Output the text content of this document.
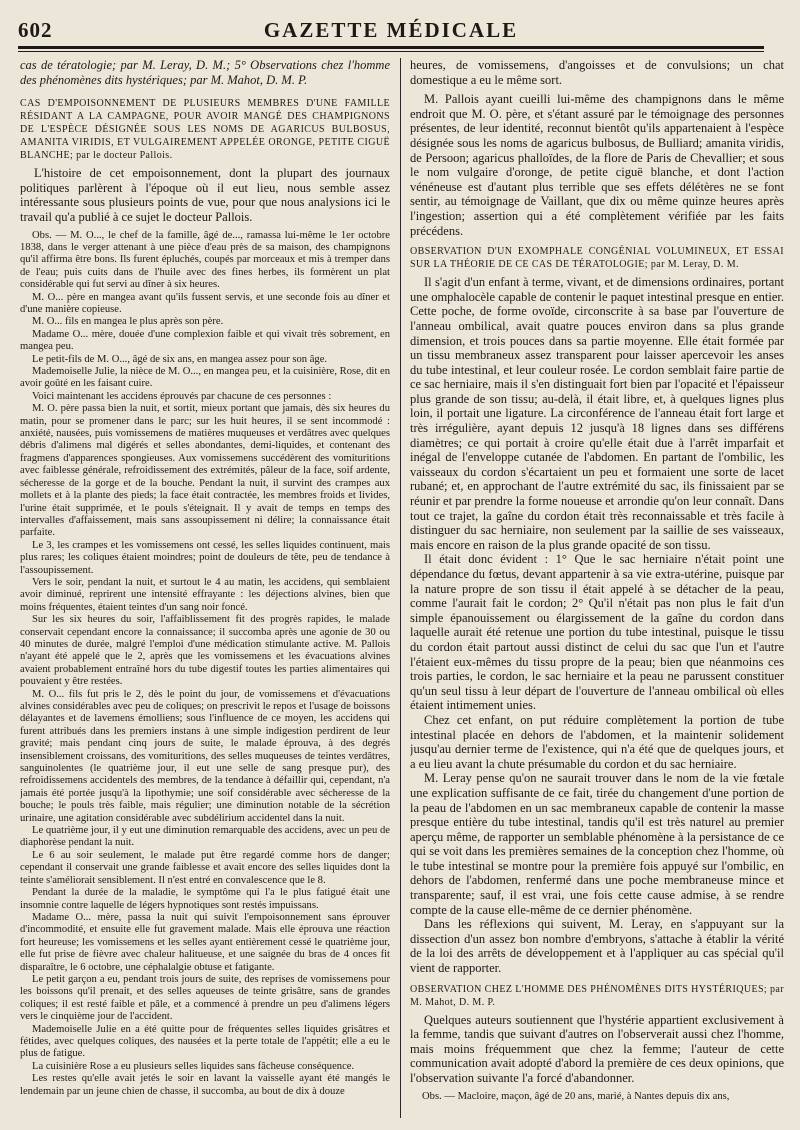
602	GAZETTE MÉDICALE

cas de tératologie; par M. Leray, D. M.; 5° Observations chez l'homme des phénomènes dits hystériques; par M. Mahot, D. M. P.

CAS D'EMPOISONNEMENT DE PLUSIEURS MEMBRES D'UNE FAMILLE RÉSIDANT A LA CAMPAGNE, POUR AVOIR MANGÉ DES CHAMPIGNONS DE L'ESPÈCE DÉSIGNÉE SOUS LES NOMS DE AGARICUS BULBOSUS, AMANITA VIRIDIS, ET VULGAIREMENT APPELÉE ORONGE, PETITE CIGUË BLANCHE; par le docteur Pallois.

L'histoire de cet empoisonnement, dont la plupart des journaux politiques parlèrent à l'époque où il eut lieu, nous semble assez intéressante sous plusieurs points de vue, pour que nous analysions ici le travail qu'a publié à ce sujet le docteur Pallois.

Obs. — M. O..., le chef de la famille, âgé de..., ramassa lui-même le 1er octobre 1838, dans le verger attenant à une pièce d'eau près de sa maison, des champignons qu'il affirma être bons. Ils furent épluchés, coupés par morceaux et mis à tremper dans de l'eau; puis cuits dans de l'huile avec des fines herbes, ils formèrent un plat considérable qui fut servi au dîner à six heures.

M. O... père en mangea avant qu'ils fussent servis, et une seconde fois au dîner et d'une manière copieuse.

M. O... fils en mangea le plus après son père.

Madame O... mère, douée d'une complexion faible et qui vivait très sobrement, en mangea peu.

Le petit-fils de M. O..., âgé de six ans, en mangea assez pour son âge.

Mademoiselle Julie, la nièce de M. O..., en mangea peu, et la cuisinière, Rose, dit en avoir goûté en les faisant cuire.

Voici maintenant les accidens éprouvés par chacune de ces personnes :

M. O. père passa bien la nuit, et sortit, mieux portant que jamais, dès six heures du matin, pour se promener dans le parc; sur les huit heures, il se sent incommodé : anxiété, nausées, puis vomissemens de matières muqueuses et verdâtres avec quelques débris d'alimens mal digérés et selles abondantes, demi-liquides, et contenant des fragmens d'apparences spongieuses. Aux vomissemens succédèrent des vomituritions avec faiblesse générale, refroidissement des extrémités, pâleur de la face, soif ardente, sécheresse de la gorge et de la bouche. Pendant la nuit, il survint des crampes aux mollets et à la plante des pieds; la face était contractée, les membres froids et livides, l'urine était supprimée, et le pouls s'éteignait. Il y avait de temps en temps des intervalles d'affaissement, mais sans assoupissement ni délire; la connaissance était parfaite.

Le 3, les crampes et les vomissemens ont cessé, les selles liquides continuent, mais plus rares; les coliques étaient moindres; point de douleurs de tête, peu de tendance à l'assoupissement.

Vers le soir, pendant la nuit, et surtout le 4 au matin, les accidens, qui semblaient avoir diminué, reprirent une intensité effrayante : les déjections alvines, bien que moins fréquentes, étaient teintes d'un sang noir foncé.

Sur les six heures du soir, l'affaiblissement fit des progrès rapides, le malade conservait cependant encore la connaissance; il succomba après une agonie de 30 ou 40 minutes de durée, malgré l'emploi d'une médication stimulante active. M. Pallois n'ayant été appelé que le 2, après que les vomissemens et les évacuations alvines avaient probablement entraîné hors du tube digestif toutes les parties alimentaires qui pouvaient y être restées.

M. O... fils fut pris le 2, dès le point du jour, de vomissemens et d'évacuations alvines considérables avec peu de coliques; on prescrivit le repos et l'usage de boissons délayantes et de lavemens émolliens; sous l'influence de ce moyen, les accidens qui furent attribués dans les premiers instans à une simple indigestion perdirent de leur gravité; mais pendant cinq jours de suite, le malade éprouva, à des degrés insensiblement croissans, des vomituritions, des selles muqueuses de teintes verdâtres, sanguinolentes (le quatrième jour, il eut une selle de sang presque pur), des refroidissemens accidentels des membres, de la tendance à défaillir qui, cependant, n'a jamais été portée jusqu'à la lipothymie; une soif considérable avec sécheresse de la bouche; le pouls très faible, mais régulier; une diminution notable de la sécrétion urinaire, une agitation considérable avec subdélirium accidentel dans la nuit.

Le quatrième jour, il y eut une diminution remarquable des accidens, avec un peu de diaphorèse pendant la nuit.

Le 6 au soir seulement, le malade put être regardé comme hors de danger; cependant il conservait une grande faiblesse et avait encore des selles liquides dont la teinte s'améliorait sensiblement. Il n'est entré en convalescence que le 8.

Pendant la durée de la maladie, le symptôme qui l'a le plus fatigué était une insomnie contre laquelle de légers hypnotiques sont restés impuissans.

Madame O... mère, passa la nuit qui suivit l'empoisonnement sans éprouver d'incommodité, et ensuite elle fut gravement malade. Mais elle éprouva une réaction fort heureuse; les vomissemens et les selles ayant entièrement cessé le quatrième jour, elle fut prise de fièvre avec chaleur halitueuse, et une saignée du bras de 4 onces fit disparaître, le 6 octobre, une céphalalgie obtuse et fatigante.

Le petit garçon a eu, pendant trois jours de suite, des reprises de vomissemens pour les boissons qu'il prenait, et des selles aqueuses de teinte grisâtre, sans de grandes coliques; il est resté faible et pâle, et a commencé à prendre un peu d'alimens légers vers le cinquième jour de l'accident.

Mademoiselle Julie en a été quitte pour de fréquentes selles liquides grisâtres et fétides, avec quelques coliques, des nausées et la perte totale de l'appétit; elle a eu le plus de fatigue.

La cuisinière Rose a eu plusieurs selles liquides sans fâcheuse conséquence.

Les restes qu'elle avait jetés le soir en lavant la vaisselle ayant été mangés le lendemain par un jeune chien de chasse, il succomba, au bout de dix à douze

heures, de vomissemens, d'angoisses et de convulsions; un chat domestique a eu le même sort.

M. Pallois ayant cueilli lui-même des champignons dans le même endroit que M. O. père, et s'étant assuré par le témoignage des personnes présentes, de leur identité, reconnut bientôt qu'ils appartenaient à l'espèce désignée sous les noms de agaricus bulbosus, de Bulliard; amanita viridis, de Persoon; agaricus phalloïdes, de la flore de Paris de Chevallier; et sous le nom vulgaire d'oronge, de petite ciguë blanche, et dont l'action vénéneuse est d'autant plus terrible que ses effets délétères ne se font sentir, au témoignage de Vaillant, que dix ou même quinze heures après l'ingestion; assertion qui a été complètement vérifiée par les faits précédens.

OBSERVATION D'UN EXOMPHALE CONGÉNIAL VOLUMINEUX, ET ESSAI SUR LA THÉORIE DE CE CAS DE TÉRATOLOGIE; par M. Leray, D. M.

Il s'agit d'un enfant à terme, vivant, et de dimensions ordinaires, portant une omphalocèle capable de contenir le paquet intestinal presque en entier. Cette poche, de forme ovoïde, circonscrite à sa base par l'ouverture de l'anneau ombilical, avait quatre pouces environ dans sa plus grande dimension, et trois pouces dans sa partie moyenne. Elle était formée par un tissu membraneux assez transparent pour laisser apercevoir les anses du tube intestinal, et leur couleur rosée. Le cordon semblait faire partie de ce sac herniaire, mais il s'en distinguait fort bien par l'opacité et l'épaisseur plus grande de son tissu; au-delà, il était libre, et, à quelques lignes plus loin, il portait une ligature. La circonférence de l'anneau était fort large et très irrégulière, ayant depuis 12 jusqu'à 18 lignes dans ses différens diamètres; ce qui portait à croire qu'elle était due à l'arrêt imparfait et inégal de l'enveloppe cutanée de l'abdomen. En partant de l'ombilic, les vaisseaux du cordon s'écartaient un peu et formaient une sorte de lacet rubané; et, en approchant de l'autre extrémité du sac, ils finissaient par se réunir et par prendre la forme noueuse et arrondie qu'on leur connaît. Dans tout ce trajet, la gaîne du cordon était très reconnaissable et très facile à distinguer du sac herniaire, non seulement par la saillie de ses vaisseaux, mais encore en raison de la plus grande opacité de son tissu.

Il était donc évident : 1° Que le sac herniaire n'était point une dépendance du fœtus, devant appartenir à sa vie extra-utérine, puisque par la nature propre de son tissu il était appelé à se détacher de la peau, comme l'aurait fait le cordon; 2° Qu'il n'était pas non plus le fait d'un simple épanouissement ou élargissement de la gaîne du cordon dans laquelle aurait été retenue une portion du tube intestinal, puisque le tissu du cordon était partout aussi distinct de celui du sac que l'un et l'autre l'étaient eux-mêmes du tissu propre de la peau; bien que néanmoins ces trois parties, le cordon, le sac herniaire et la peau ne parussent constituer qu'un seul tissu à leur départ de l'ouverture de l'anneau ombilical où elles étaient intimement unies.

Chez cet enfant, on put réduire complètement la portion de tube intestinal placée en dehors de l'abdomen, et la maintenir solidement jusqu'au dernier terme de l'existence, qui n'a été que de quelques jours, et a eu lieu avant la chute présumable du cordon et du sac herniaire.

M. Leray pense qu'on ne saurait trouver dans le nom de la vie fœtale une explication suffisante de ce fait, tirée du changement d'une portion de la peau de l'abdomen en un sac membraneux capable de contenir la masse presque entière du tube intestinal, tandis qu'il est très naturel au premier aperçu même, de rapporter un semblable phénomène à la persistance de ce qui se voit dans les premières semaines de la conception chez l'homme, où le tube intestinal se montre pour la première fois appuyé sur l'ombilic, en dehors de l'abdomen, renfermé dans une poche membraneuse mince et transparente; sauf, il est vrai, une fois cette cause admise, à se rendre compte de la cause elle-même de ce dernier phénomène.

Dans les réflexions qui suivent, M. Leray, en s'appuyant sur la dissection d'un assez bon nombre d'embryons, s'attache à établir la vérité de la loi des arrêts de développement et à l'appliquer au cas spécial qu'il vient de rapporter.

OBSERVATION CHEZ L'HOMME DES PHÉNOMÈNES DITS HYSTÉRIQUES; par M. Mahot, D. M. P.

Quelques auteurs soutiennent que l'hystérie appartient exclusivement à la femme, tandis que suivant d'autres on l'observerait aussi chez l'homme, mais moins fréquemment que chez la femme; l'auteur de cette communication avait adopté d'abord la première de ces deux opinions, que l'observation suivante l'a forcé d'abandonner.

Obs. — Macloire, maçon, âgé de 20 ans, marié, à Nantes depuis dix ans,
